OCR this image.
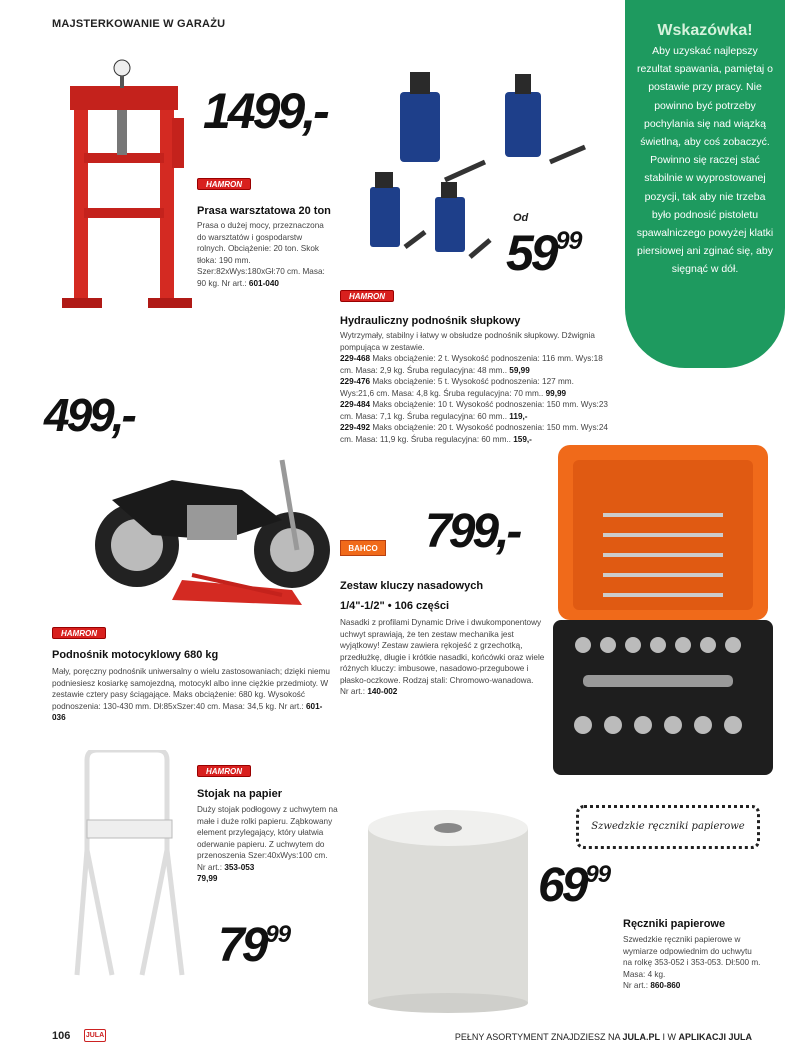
MAJSTERKOWANIE W GARAŻU	Wskazówka!

Aby uzyskać najlepszy rezultat spawania, pamiętaj o postawie przy pracy. Nie powinno być potrzeby pochylania się nad wiązką świetlną, aby coś zobaczyć. Powinno się raczej stać stabilnie w wyprostowanej pozycji, tak aby nie trzeba było podnosić pistoletu spawalniczego powyżej klatki piersiowej ani zginać się, aby sięgnąć w dół.

1499,-
HAMRON
Prasa warsztatowa 20 ton
Prasa o dużej mocy, przeznaczona do warsztatów i gospodarstw rolnych. Obciążenie: 20 ton. Skok tłoka: 190 mm. Szer:82xWys:180xGł:70 cm. Masa: 90 kg. Nr art.: 601-040
Od
$59^{99}$
HAMRON
Hydrauliczny podnośnik słupkowy
Wytrzymały, stabilny i łatwy w obsłudze podnośnik słupkowy. Dźwignia pompująca w zestawie.
229-468 Maks obciążenie: 2 t. Wysokość podnoszenia: 116 mm. Wys:18 cm. Masa: 2,9 kg. Śruba regulacyjna: 48 mm.. 59,99
229-476 Maks obciążenie: 5 t. Wysokość podnoszenia: 127 mm. Wys:21,6 cm. Masa: 4,8 kg. Śruba regulacyjna: 70 mm.. 99,99
229-484 Maks obciążenie: 10 t. Wysokość podnoszenia: 150 mm. Wys:23 cm. Masa: 7,1 kg. Śruba regulacyjna: 60 mm.. 119,-
229-492 Maks obciążenie: 20 t. Wysokość podnoszenia: 150 mm. Wys:24 cm. Masa: 11,9 kg. Śruba regulacyjna: 60 mm.. 159,-
499,-
HAMRON
Podnośnik motocyklowy 680 kg
Mały, poręczny podnośnik uniwersalny o wielu zastosowaniach; dzięki niemu podniesiesz kosiarkę samojezdną, motocykl albo inne ciężkie przedmioty. W zestawie cztery pasy ściągające. Maks obciążenie: 680 kg. Wysokość podnoszenia: 130-430 mm. Dł:85xSzer:40 cm. Masa: 34,5 kg. Nr art.: 601-036
799,-
BAHCO
Zestaw kluczy nasadowych
1/4"-1/2" • 106 części
Nasadki z profilami Dynamic Drive i dwukomponentowy uchwyt sprawiają, że ten zestaw mechanika jest wyjątkowy! Zestaw zawiera rękojeść z grzechotką, przedłużkę, długie i krótkie nasadki, końcówki oraz wiele różnych kluczy: imbusowe, nasadowo-przegubowe i płasko-oczkowe. Rodzaj stali: Chromowo-wanadowa.
Nr art.: 140-002
HAMRON
Stojak na papier
Duży stojak podłogowy z uchwytem na małe i duże rolki papieru. Ząbkowany element przylegający, który ułatwia oderwanie papieru. Z uchwytem do przenoszenia Szer:40xWys:100 cm.
Nr art.: 353-053
79,99
$79^{99}$
Szwedzkie ręczniki papierowe
$69^{99}$
Ręczniki papierowe
Szwedzkie ręczniki papierowe w wymiarze odpowiednim do uchwytu na rolkę 353-052 i 353-053. Dł:500 m. Masa: 4 kg.
Nr art.: 860-860
106 JULA	PEŁNY ASORTYMENT ZNAJDZIESZ NA JULA.PL I W APLIKACJI JULA
